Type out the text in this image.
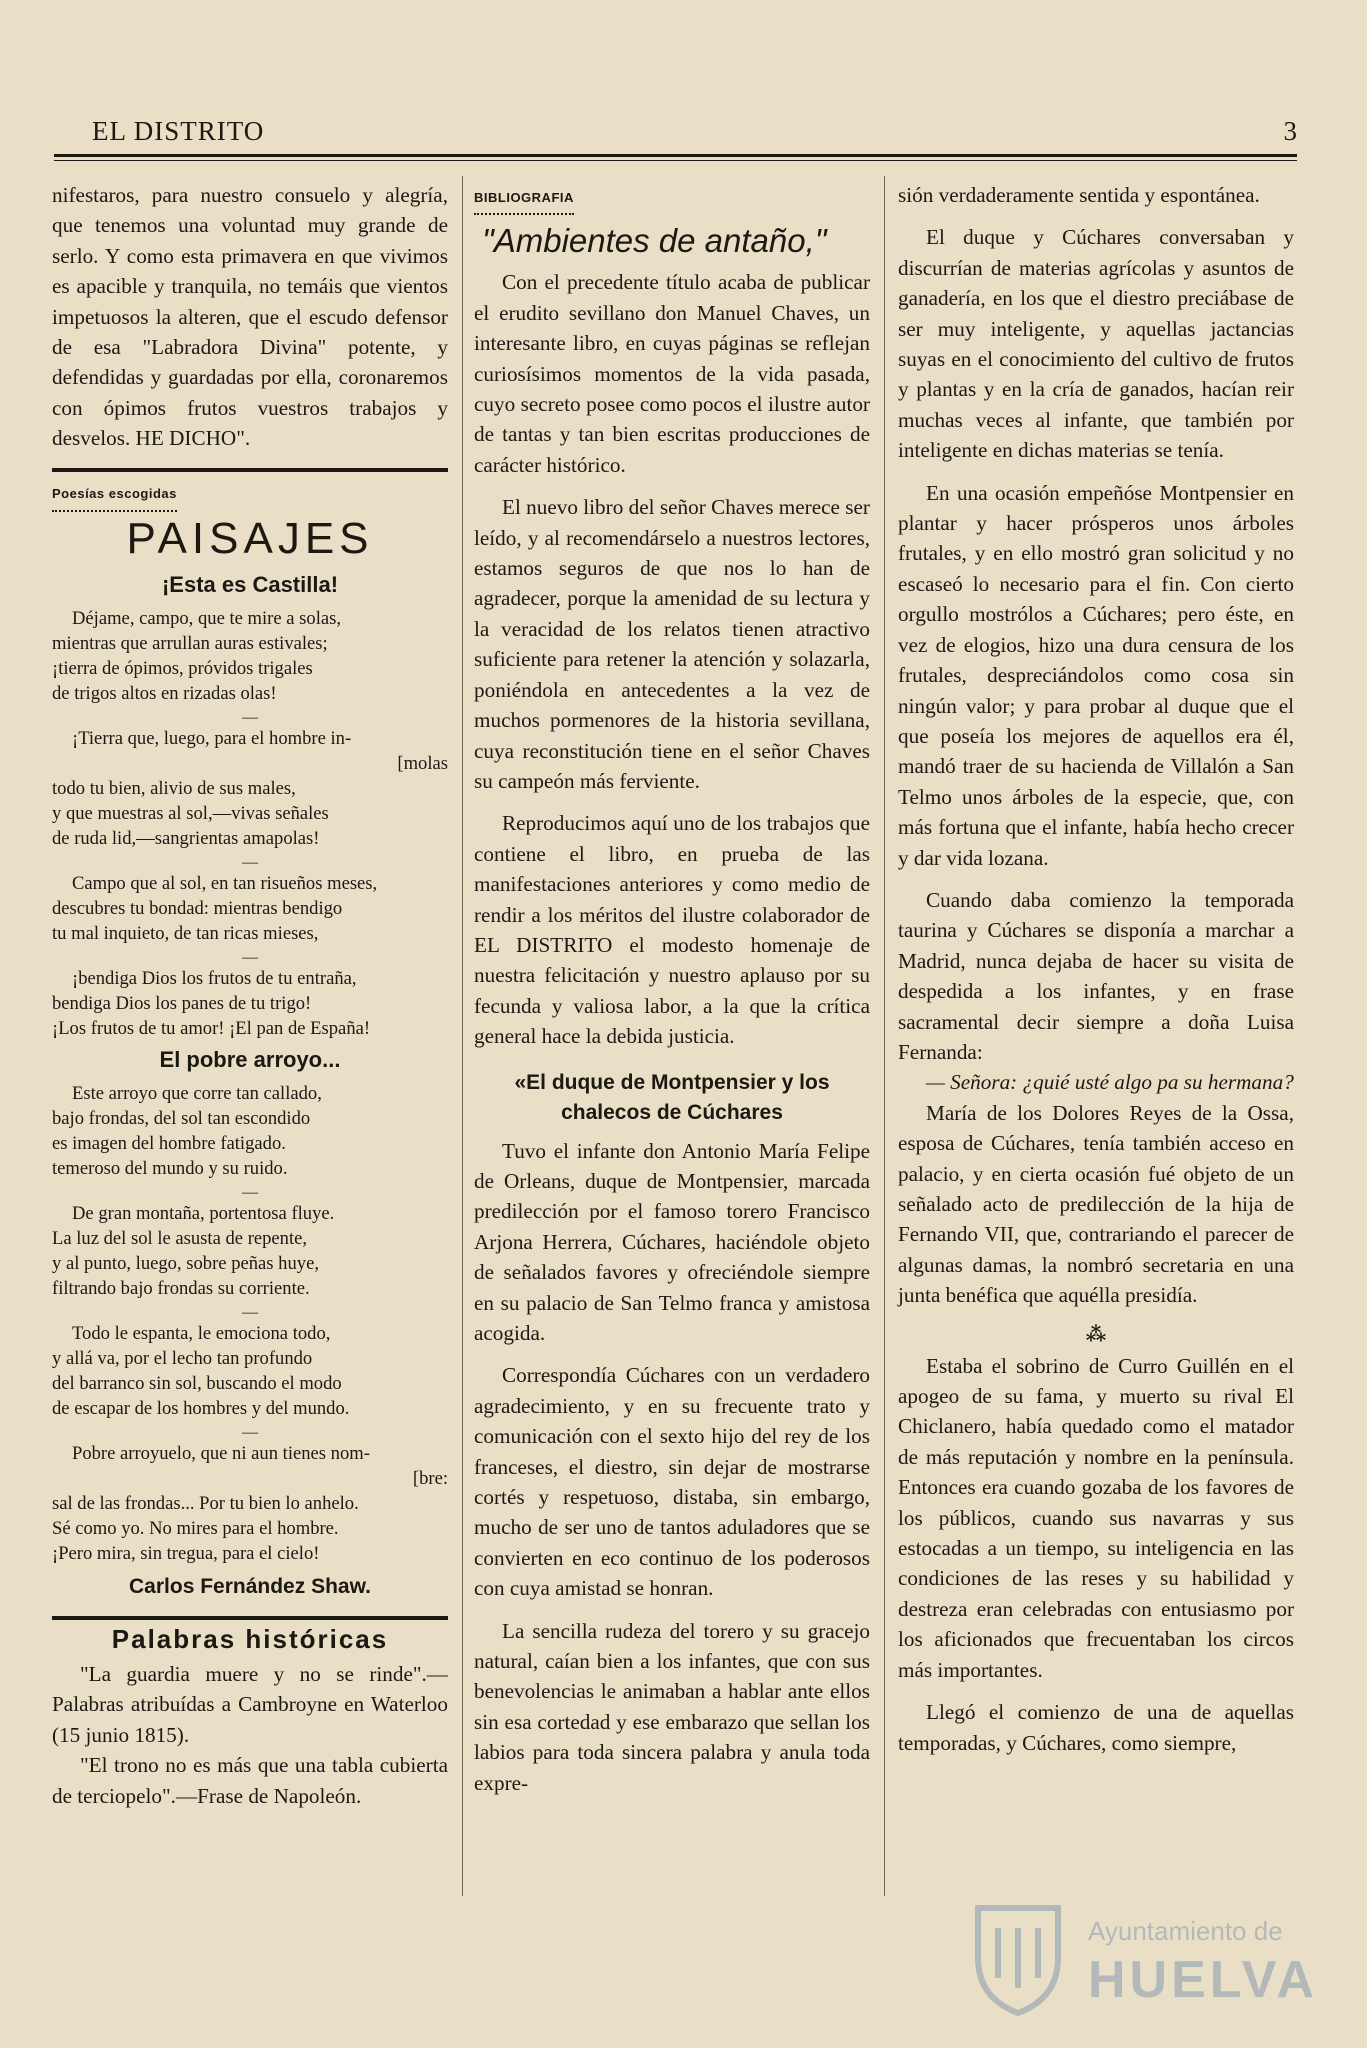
EL DISTRITO	3

nifestaros, para nuestro consuelo y alegría, que tenemos una voluntad muy grande de serlo. Y como esta primavera en que vivimos es apacible y tranquila, no temáis que vientos impetuosos la alteren, que el escudo defensor de esa "Labradora Divina" potente, y defendidas y guardadas por ella, coronaremos con ópimos frutos vuestros trabajos y desvelos. HE DICHO".

Poesías escogidas
PAISAJES
¡Esta es Castilla!
Déjame, campo, que te mire a solas,
mientras que arrullan auras estivales;
¡tierra de ópimos, próvidos trigales
de trigos altos en rizadas olas!
—
¡Tierra que, luego, para el hombre in-
[molas
todo tu bien, alivio de sus males,
y que muestras al sol,—vivas señales
de ruda lid,—sangrientas amapolas!
—
Campo que al sol, en tan risueños meses,
descubres tu bondad: mientras bendigo
tu mal inquieto, de tan ricas mieses,
—
¡bendiga Dios los frutos de tu entraña,
bendiga Dios los panes de tu trigo!
¡Los frutos de tu amor! ¡El pan de España!
El pobre arroyo...
Este arroyo que corre tan callado,
bajo frondas, del sol tan escondido
es imagen del hombre fatigado.
temeroso del mundo y su ruido.
—
De gran montaña, portentosa fluye.
La luz del sol le asusta de repente,
y al punto, luego, sobre peñas huye,
filtrando bajo frondas su corriente.
—
Todo le espanta, le emociona todo,
y allá va, por el lecho tan profundo
del barranco sin sol, buscando el modo
de escapar de los hombres y del mundo.
—
Pobre arroyuelo, que ni aun tienes nom-
[bre:
sal de las frondas... Por tu bien lo anhelo.
Sé como yo. No mires para el hombre.
¡Pero mira, sin tregua, para el cielo!
Carlos Fernández Shaw.
Palabras históricas

"La guardia muere y no se rinde".— Palabras atribuídas a Cambroyne en Waterloo (15 junio 1815).

"El trono no es más que una tabla cubierta de terciopelo".—Frase de Napoleón.

BIBLIOGRAFIA
"Ambientes de antaño,"

Con el precedente título acaba de publicar el erudito sevillano don Manuel Chaves, un interesante libro, en cuyas páginas se reflejan curiosísimos momentos de la vida pasada, cuyo secreto posee como pocos el ilustre autor de tantas y tan bien escritas producciones de carácter histórico.

El nuevo libro del señor Chaves merece ser leído, y al recomendárselo a nuestros lectores, estamos seguros de que nos lo han de agradecer, porque la amenidad de su lectura y la veracidad de los relatos tienen atractivo suficiente para retener la atención y solazarla, poniéndola en antecedentes a la vez de muchos pormenores de la historia sevillana, cuya reconstitución tiene en el señor Chaves su campeón más ferviente.

Reproducimos aquí uno de los trabajos que contiene el libro, en prueba de las manifestaciones anteriores y como medio de rendir a los méritos del ilustre colaborador de EL DISTRITO el modesto homenaje de nuestra felicitación y nuestro aplauso por su fecunda y valiosa labor, a la que la crítica general hace la debida justicia.

«El duque de Montpensier y los chalecos de Cúchares

Tuvo el infante don Antonio María Felipe de Orleans, duque de Montpensier, marcada predilección por el famoso torero Francisco Arjona Herrera, Cúchares, haciéndole objeto de señalados favores y ofreciéndole siempre en su palacio de San Telmo franca y amistosa acogida.

Correspondía Cúchares con un verdadero agradecimiento, y en su frecuente trato y comunicación con el sexto hijo del rey de los franceses, el diestro, sin dejar de mostrarse cortés y respetuoso, distaba, sin embargo, mucho de ser uno de tantos aduladores que se convierten en eco continuo de los poderosos con cuya amistad se honran.

La sencilla rudeza del torero y su gracejo natural, caían bien a los infantes, que con sus benevolencias le animaban a hablar ante ellos sin esa cortedad y ese embarazo que sellan los labios para toda sincera palabra y anula toda expre-

sión verdaderamente sentida y espontánea.

El duque y Cúchares conversaban y discurrían de materias agrícolas y asuntos de ganadería, en los que el diestro preciábase de ser muy inteligente, y aquellas jactancias suyas en el conocimiento del cultivo de frutos y plantas y en la cría de ganados, hacían reir muchas veces al infante, que también por inteligente en dichas materias se tenía.

En una ocasión empeñóse Montpensier en plantar y hacer prósperos unos árboles frutales, y en ello mostró gran solicitud y no escaseó lo necesario para el fin. Con cierto orgullo mostrólos a Cúchares; pero éste, en vez de elogios, hizo una dura censura de los frutales, despreciándolos como cosa sin ningún valor; y para probar al duque que el que poseía los mejores de aquellos era él, mandó traer de su hacienda de Villalón a San Telmo unos árboles de la especie, que, con más fortuna que el infante, había hecho crecer y dar vida lozana.

Cuando daba comienzo la temporada taurina y Cúchares se disponía a marchar a Madrid, nunca dejaba de hacer su visita de despedida a los infantes, y en frase sacramental decir siempre a doña Luisa Fernanda:

— Señora: ¿quié usté algo pa su hermana?

María de los Dolores Reyes de la Ossa, esposa de Cúchares, tenía también acceso en palacio, y en cierta ocasión fué objeto de un señalado acto de predilección de la hija de Fernando VII, que, contrariando el parecer de algunas damas, la nombró secretaria en una junta benéfica que aquélla presidía.

⁂

Estaba el sobrino de Curro Guillén en el apogeo de su fama, y muerto su rival El Chiclanero, había quedado como el matador de más reputación y nombre en la península. Entonces era cuando gozaba de los favores de los públicos, cuando sus navarras y sus estocadas a un tiempo, su inteligencia en las condiciones de las reses y su habilidad y destreza eran celebradas con entusiasmo por los aficionados que frecuentaban los circos más importantes.

Llegó el comienzo de una de aquellas temporadas, y Cúchares, como siempre,

Ayuntamiento de
HUELVA
